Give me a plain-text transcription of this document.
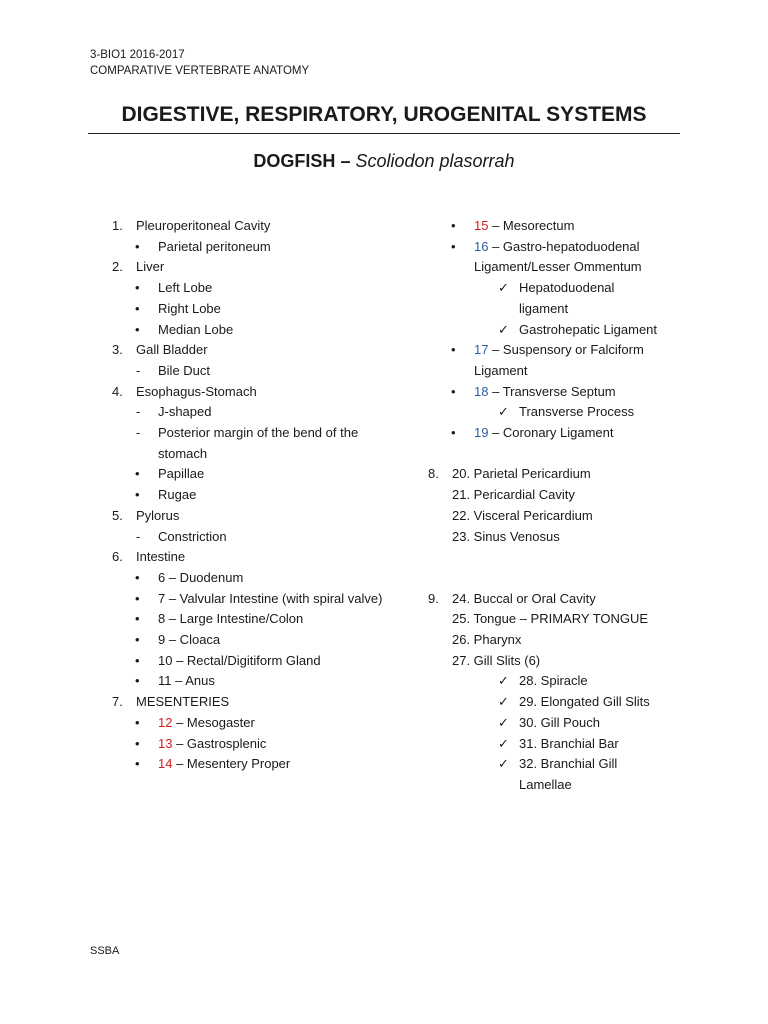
3-BIO1 2016-2017
COMPARATIVE VERTEBRATE ANATOMY
DIGESTIVE, RESPIRATORY, UROGENITAL SYSTEMS
DOGFISH – Scoliodon plasorrah
1. Pleuroperitoneal Cavity
• Parietal peritoneum
2. Liver
• Left Lobe
• Right Lobe
• Median Lobe
3. Gall Bladder
- Bile Duct
4. Esophagus-Stomach
- J-shaped
- Posterior margin of the bend of the stomach
• Papillae
• Rugae
5. Pylorus
- Constriction
6. Intestine
• 6 – Duodenum
• 7 – Valvular Intestine (with spiral valve)
• 8 – Large Intestine/Colon
• 9 – Cloaca
• 10 – Rectal/Digitiform Gland
• 11 – Anus
7. MESENTERIES
• 12 – Mesogaster
• 13 – Gastrosplenic
• 14 – Mesentery Proper
• 15 – Mesorectum
• 16 – Gastro-hepatoduodenal Ligament/Lesser Ommentum
✓ Hepatoduodenal ligament
✓ Gastrohepatic Ligament
• 17 – Suspensory or Falciform Ligament
• 18 – Transverse Septum
✓ Transverse Process
• 19 – Coronary Ligament
8. 20. Parietal Pericardium
21. Pericardial Cavity
22. Visceral Pericardium
23. Sinus Venosus
9. 24. Buccal or Oral Cavity
25. Tongue – PRIMARY TONGUE
26. Pharynx
27. Gill Slits (6)
✓ 28. Spiracle
✓ 29. Elongated Gill Slits
✓ 30. Gill Pouch
✓ 31. Branchial Bar
✓ 32. Branchial Gill Lamellae
SSBA
